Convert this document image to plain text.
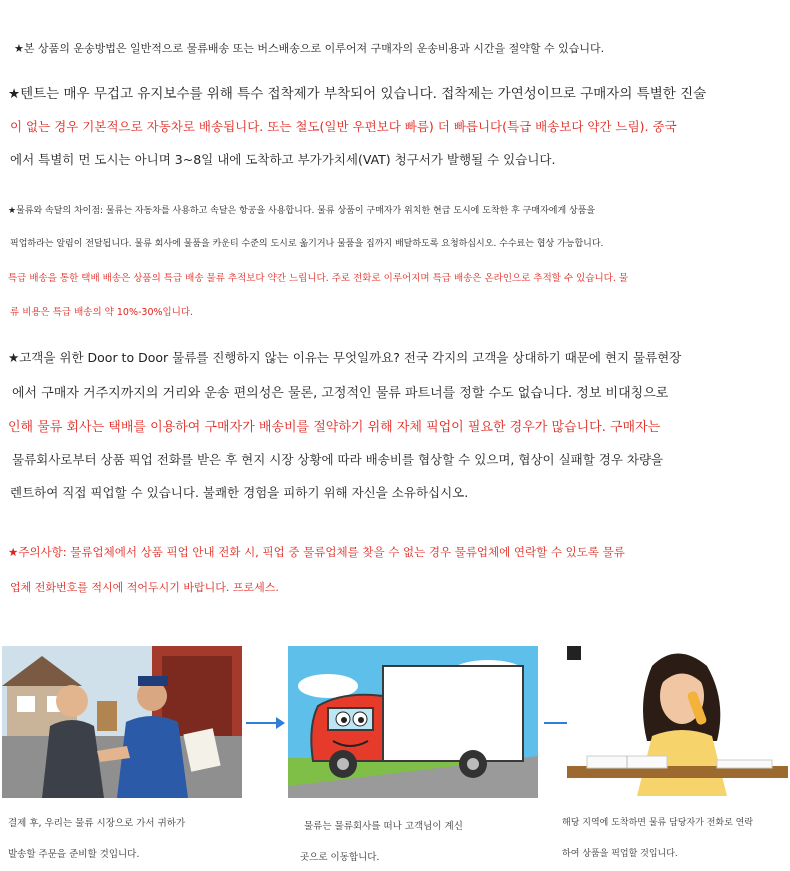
★본 상품의 운송방법은 일반적으로 물류배송 또는 버스배송으로 이루어져 구매자의 운송비용과 시간을 절약할 수 있습니다.
★텐트는 매우 무겁고 유지보수를 위해 특수 접착제가 부착되어 있습니다. 접착제는 가연성이므로 구매자의 특별한 진술
이 없는 경우 기본적으로 자동차로 배송됩니다. 또는 철도(일반 우편보다 빠름) 더 빠릅니다(특급 배송보다 약간 느림). 중국
에서 특별히 먼 도시는 아니며 3~8일 내에 도착하고 부가가치세(VAT) 청구서가 발행될 수 있습니다.
★물류와 속달의 차이점: 물류는 자동차를 사용하고 속달은 항공을 사용합니다. 물류 상품이 구매자가 위치한 현급 도시에 도착한 후 구매자에게 상품을
픽업하라는 알림이 전달됩니다. 물류 회사에 물품을 카운티 수준의 도시로 옮기거나 물품을 집까지 배달하도록 요청하십시오. 수수료는 협상 가능합니다.
특급 배송을 통한 택배 배송은 상품의 특급 배송 물류 추적보다 약간 느립니다. 주로 전화로 이루어지며 특급 배송은 온라인으로 추적할 수 있습니다. 물
류 비용은 특급 배송의 약 10%-30%입니다.
★고객을 위한 Door to Door 물류를 진행하지 않는 이유는 무엇일까요? 전국 각지의 고객을 상대하기 때문에 현지 물류현장
에서 구매자 거주지까지의 거리와 운송 편의성은 물론, 고정적인 물류 파트너를 정할 수도 없습니다. 정보 비대칭으로
인해 물류 회사는 택배를 이용하여 구매자가 배송비를 절약하기 위해 자체 픽업이 필요한 경우가 많습니다. 구매자는
물류회사로부터 상품 픽업 전화를 받은 후 현지 시장 상황에 따라 배송비를 협상할 수 있으며, 협상이 실패할 경우 차량을
렌트하여 직접 픽업할 수 있습니다. 불쾌한 경험을 피하기 위해 자신을 소유하십시오.
★주의사항: 물류업체에서 상품 픽업 안내 전화 시, 픽업 중 물류업체를 찾을 수 없는 경우 물류업체에 연락할 수 있도록 물류
업체 전화번호를 적시에 적어두시기 바랍니다. 프로세스.
결제 후, 우리는 물류 시장으로 가서 귀하가
발송할 주문을 준비할 것입니다.
물류는 물류회사를 떠나 고객님이 계신
곳으로 이동합니다.
해당 지역에 도착하면 물류 담당자가 전화로 연락
하여 상품을 픽업할 것입니다.
